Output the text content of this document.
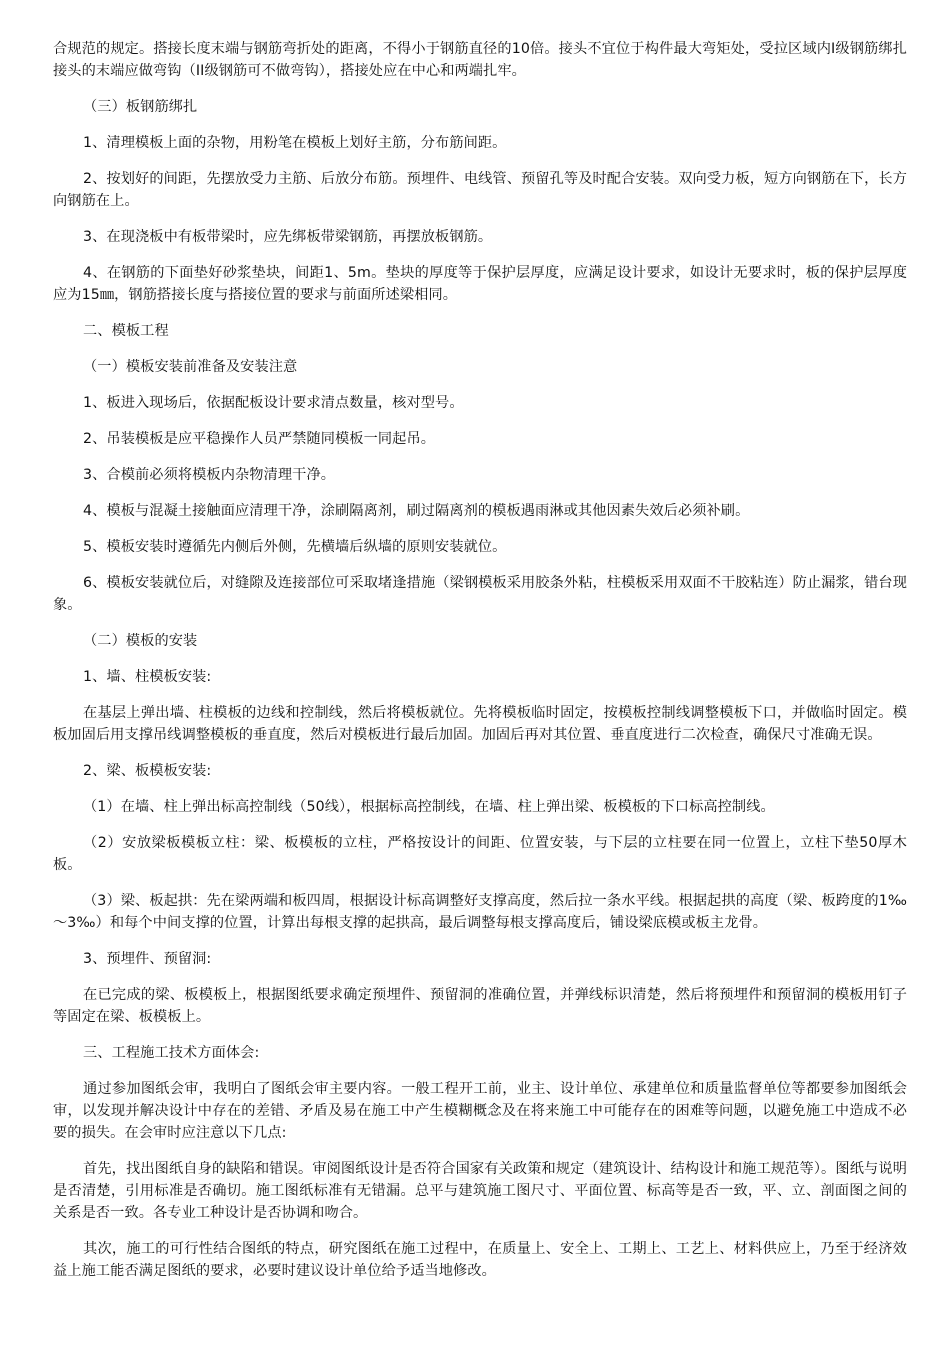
合规范的规定。搭接长度末端与钢筋弯折处的距离，不得小于钢筋直径的10倍。接头不宜位于构件最大弯矩处，受拉区域内I级钢筋绑扎接头的末端应做弯钩（II级钢筋可不做弯钩），搭接处应在中心和两端扎牢。

（三）板钢筋绑扎

1、清理模板上面的杂物，用粉笔在模板上划好主筋，分布筋间距。

2、按划好的间距，先摆放受力主筋、后放分布筋。预埋件、电线管、预留孔等及时配合安装。双向受力板，短方向钢筋在下，长方向钢筋在上。

3、在现浇板中有板带梁时，应先绑板带梁钢筋，再摆放板钢筋。

4、在钢筋的下面垫好砂浆垫块，间距1、5m。垫块的厚度等于保护层厚度，应满足设计要求，如设计无要求时，板的保护层厚度应为15㎜，钢筋搭接长度与搭接位置的要求与前面所述梁相同。

二、模板工程

（一）模板安装前准备及安装注意

1、板进入现场后，依据配板设计要求清点数量，核对型号。

2、吊装模板是应平稳操作人员严禁随同模板一同起吊。

3、合模前必须将模板内杂物清理干净。

4、模板与混凝土接触面应清理干净，涂刷隔离剂，刷过隔离剂的模板遇雨淋或其他因素失效后必须补刷。

5、模板安装时遵循先内侧后外侧，先横墙后纵墙的原则安装就位。

6、模板安装就位后，对缝隙及连接部位可采取堵逢措施（梁钢模板采用胶条外粘，柱模板采用双面不干胶粘连）防止漏浆，错台现象。

（二）模板的安装

1、墙、柱模板安装:

在基层上弹出墙、柱模板的边线和控制线，然后将模板就位。先将模板临时固定，按模板控制线调整模板下口，并做临时固定。模板加固后用支撑吊线调整模板的垂直度，然后对模板进行最后加固。加固后再对其位置、垂直度进行二次检查，确保尺寸准确无误。

2、梁、板模板安装:

（1）在墙、柱上弹出标高控制线（50线），根据标高控制线，在墙、柱上弹出梁、板模板的下口标高控制线。

（2）安放梁板模板立柱：梁、板模板的立柱，严格按设计的间距、位置安装，与下层的立柱要在同一位置上，立柱下垫50厚木板。

（3）梁、板起拱：先在梁两端和板四周，根据设计标高调整好支撑高度，然后拉一条水平线。根据起拱的高度（梁、板跨度的1‰～3‰）和每个中间支撑的位置，计算出每根支撑的起拱高，最后调整每根支撑高度后，铺设梁底模或板主龙骨。

3、预埋件、预留洞:

在已完成的梁、板模板上，根据图纸要求确定预埋件、预留洞的准确位置，并弹线标识清楚，然后将预埋件和预留洞的模板用钉子等固定在梁、板模板上。

三、工程施工技术方面体会:

通过参加图纸会审，我明白了图纸会审主要内容。一般工程开工前，业主、设计单位、承建单位和质量监督单位等都要参加图纸会审，以发现并解决设计中存在的差错、矛盾及易在施工中产生模糊概念及在将来施工中可能存在的困难等问题，以避免施工中造成不必要的损失。在会审时应注意以下几点:

首先，找出图纸自身的缺陷和错误。审阅图纸设计是否符合国家有关政策和规定（建筑设计、结构设计和施工规范等）。图纸与说明是否清楚，引用标准是否确切。施工图纸标准有无错漏。总平与建筑施工图尺寸、平面位置、标高等是否一致，平、立、剖面图之间的关系是否一致。各专业工种设计是否协调和吻合。

其次，施工的可行性结合图纸的特点，研究图纸在施工过程中，在质量上、安全上、工期上、工艺上、材料供应上，乃至于经济效益上施工能否满足图纸的要求，必要时建议设计单位给予适当地修改。
